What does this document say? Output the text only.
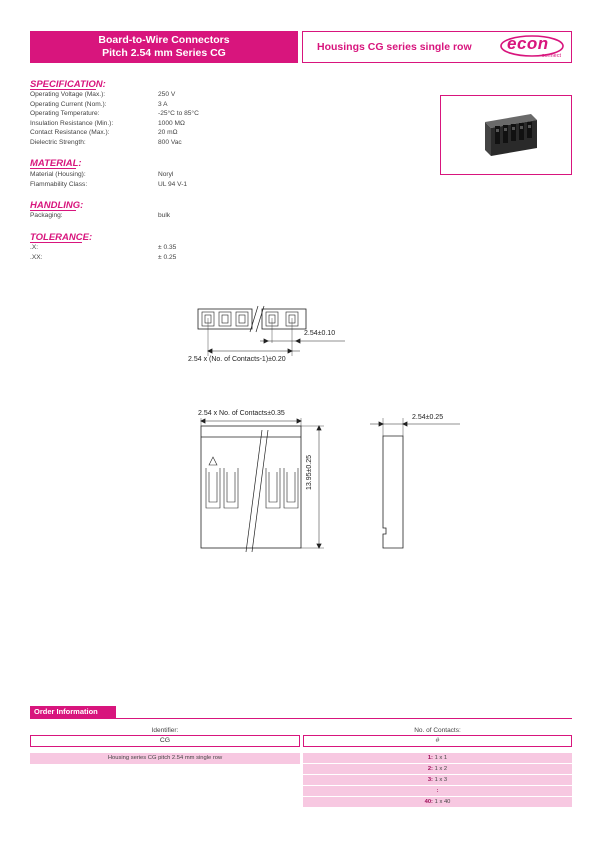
Board-to-Wire Connectors
Pitch 2.54 mm Series CG	Housings CG series single row econ
connect
SPECIFICATION:
Operating Voltage (Max.):	250 V
Operating Current (Nom.):	3 A
Operating Temperature:	-25°C to 85°C
Insulation Resistance (Min.):	1000 MΩ
Contact Resistance (Max.):	20 mΩ
Dielectric Strength:	800 Vac
MATERIAL:
Material (Housing):	Noryl
Flammability Class:	UL 94 V-1
HANDLING:
Packaging:	bulk
TOLERANCE:
.X:	± 0.35
.XX:	± 0.25
2.54±0.10
2.54 x (No. of Contacts-1)±0.20
2.54 x No. of Contacts±0.35
13.95±0.25
2.54±0.25
Order Information
Identifier:
CG
Housing series CG pitch 2.54 mm single row
No. of Contacts:
#
1: 1 x 1
2: 1 x 2
3: 1 x 3
:
40: 1 x 40
